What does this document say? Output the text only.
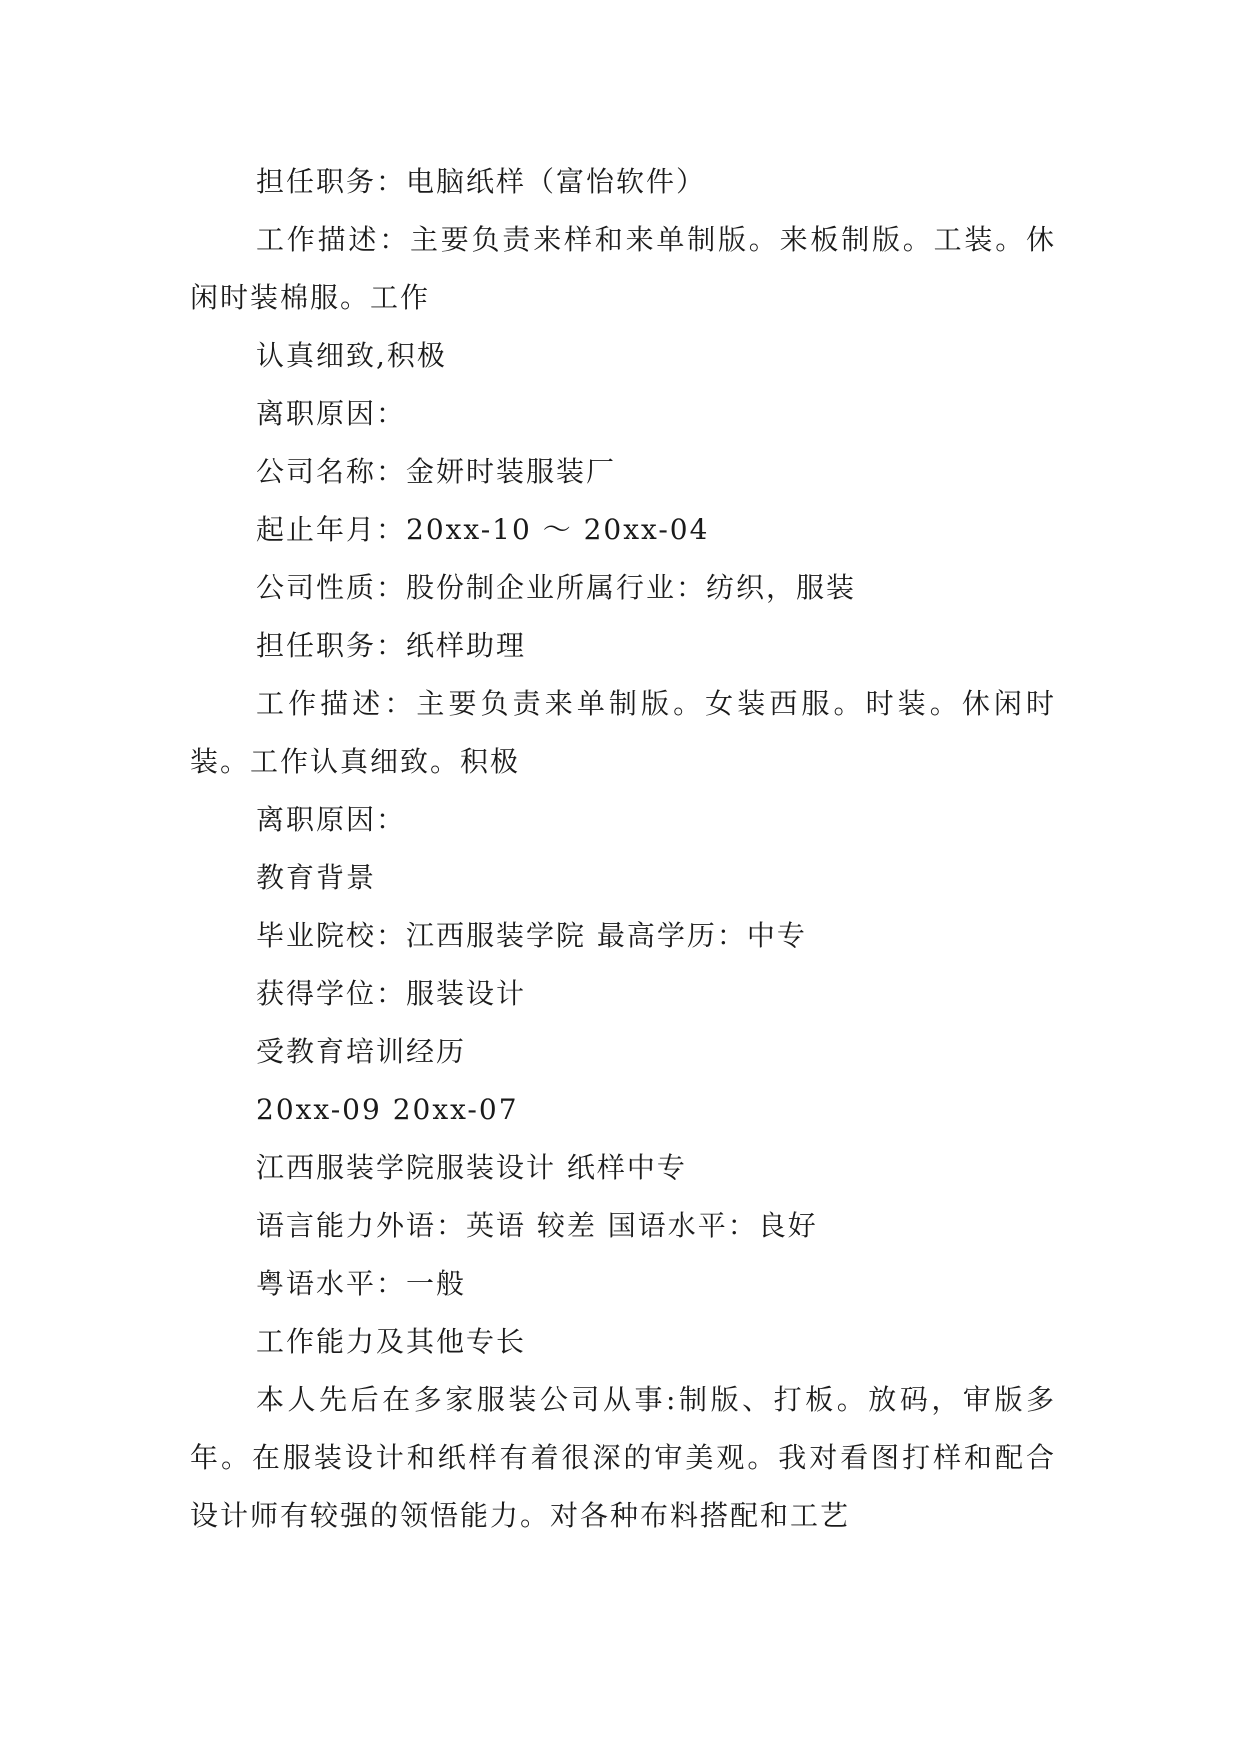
担任职务：电脑纸样（富怡软件）

工作描述：主要负责来样和来单制版。来板制版。工装。休闲时装棉服。工作

认真细致,积极

离职原因：

公司名称：金妍时装服装厂

起止年月：20xx-10 ～ 20xx-04

公司性质：股份制企业所属行业：纺织，服装

担任职务：纸样助理

工作描述：主要负责来单制版。女装西服。时装。休闲时装。工作认真细致。积极

离职原因：

教育背景

毕业院校：江西服装学院 最高学历：中专

获得学位：服装设计

受教育培训经历

20xx-09 20xx-07

江西服装学院服装设计 纸样中专

语言能力外语：英语 较差 国语水平：良好

粤语水平：一般

工作能力及其他专长

本人先后在多家服装公司从事:制版、打板。放码，审版多年。在服装设计和纸样有着很深的审美观。我对看图打样和配合设计师有较强的领悟能力。对各种布料搭配和工艺
